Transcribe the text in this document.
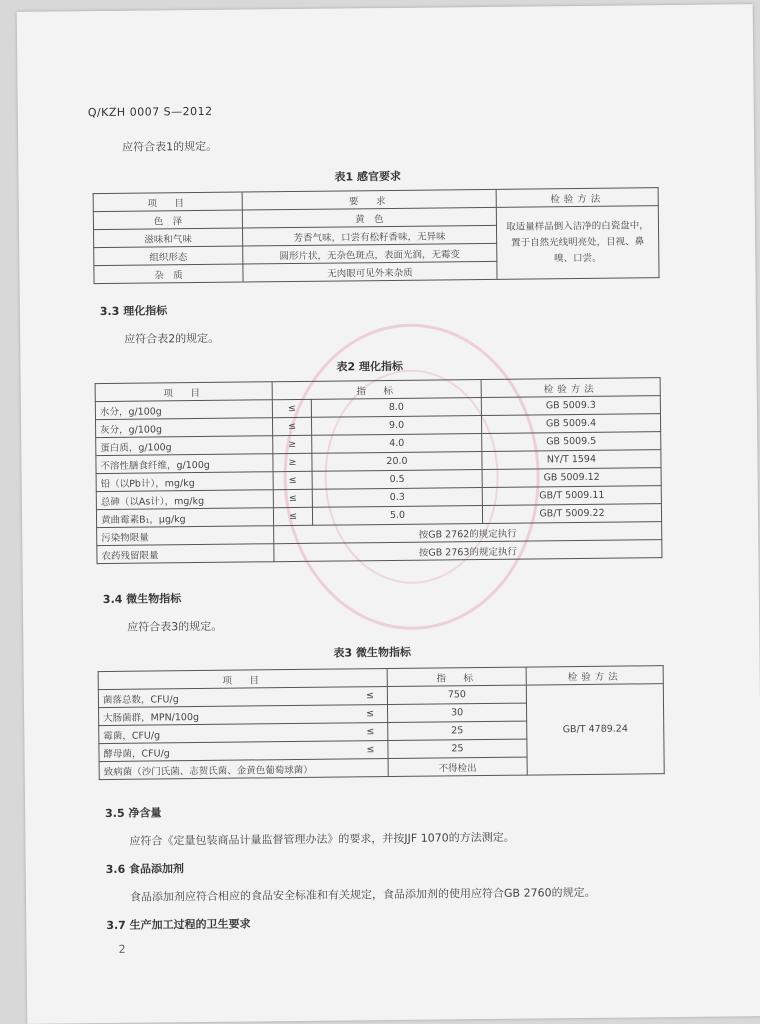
Q/KZH 0007 S—2012
应符合表1的规定。
表1 感官要求
项　目	要　求	检验方法
色　泽	黄　色	取适量样品倒入洁净的白瓷盘中，置于自然光线明亮处，目视、鼻嗅、口尝。
滋味和气味	芳香气味，口尝有松籽香味，无异味	
组织形态	圆形片状，无杂色斑点，表面光润，无霉变	
杂　质	无肉眼可见外来杂质	
3.3 理化指标
应符合表2的规定。
表2 理化指标
项　目	指　标		检验方法
水分，g/100g	≤	8.0	GB 5009.3
灰分，g/100g	≤	9.0	GB 5009.4
蛋白质，g/100g	≥	4.0	GB 5009.5
不溶性膳食纤维，g/100g	≥	20.0	NY/T 1594
铅（以Pb计），mg/kg	≤	0.5	GB 5009.12
总砷（以As计），mg/kg	≤	0.3	GB/T 5009.11
黄曲霉素B₁，μg/kg	≤	5.0	GB/T 5009.22
污染物限量	按GB 2762的规定执行		
农药残留限量	按GB 2763的规定执行		
3.4 微生物指标
应符合表3的规定。
表3 微生物指标
项　目		指　标	检验方法
菌落总数，CFU/g	≤	750	GB/T 4789.24
大肠菌群，MPN/100g	≤	30	
霉菌，CFU/g	≤	25	
酵母菌，CFU/g	≤	25	
致病菌（沙门氏菌、志贺氏菌、金黄色葡萄球菌）		不得检出	
3.5 净含量
应符合《定量包装商品计量监督管理办法》的要求，并按JJF 1070的方法测定。
3.6 食品添加剂
食品添加剂应符合相应的食品安全标准和有关规定，食品添加剂的使用应符合GB 2760的规定。
3.7 生产加工过程的卫生要求
2
